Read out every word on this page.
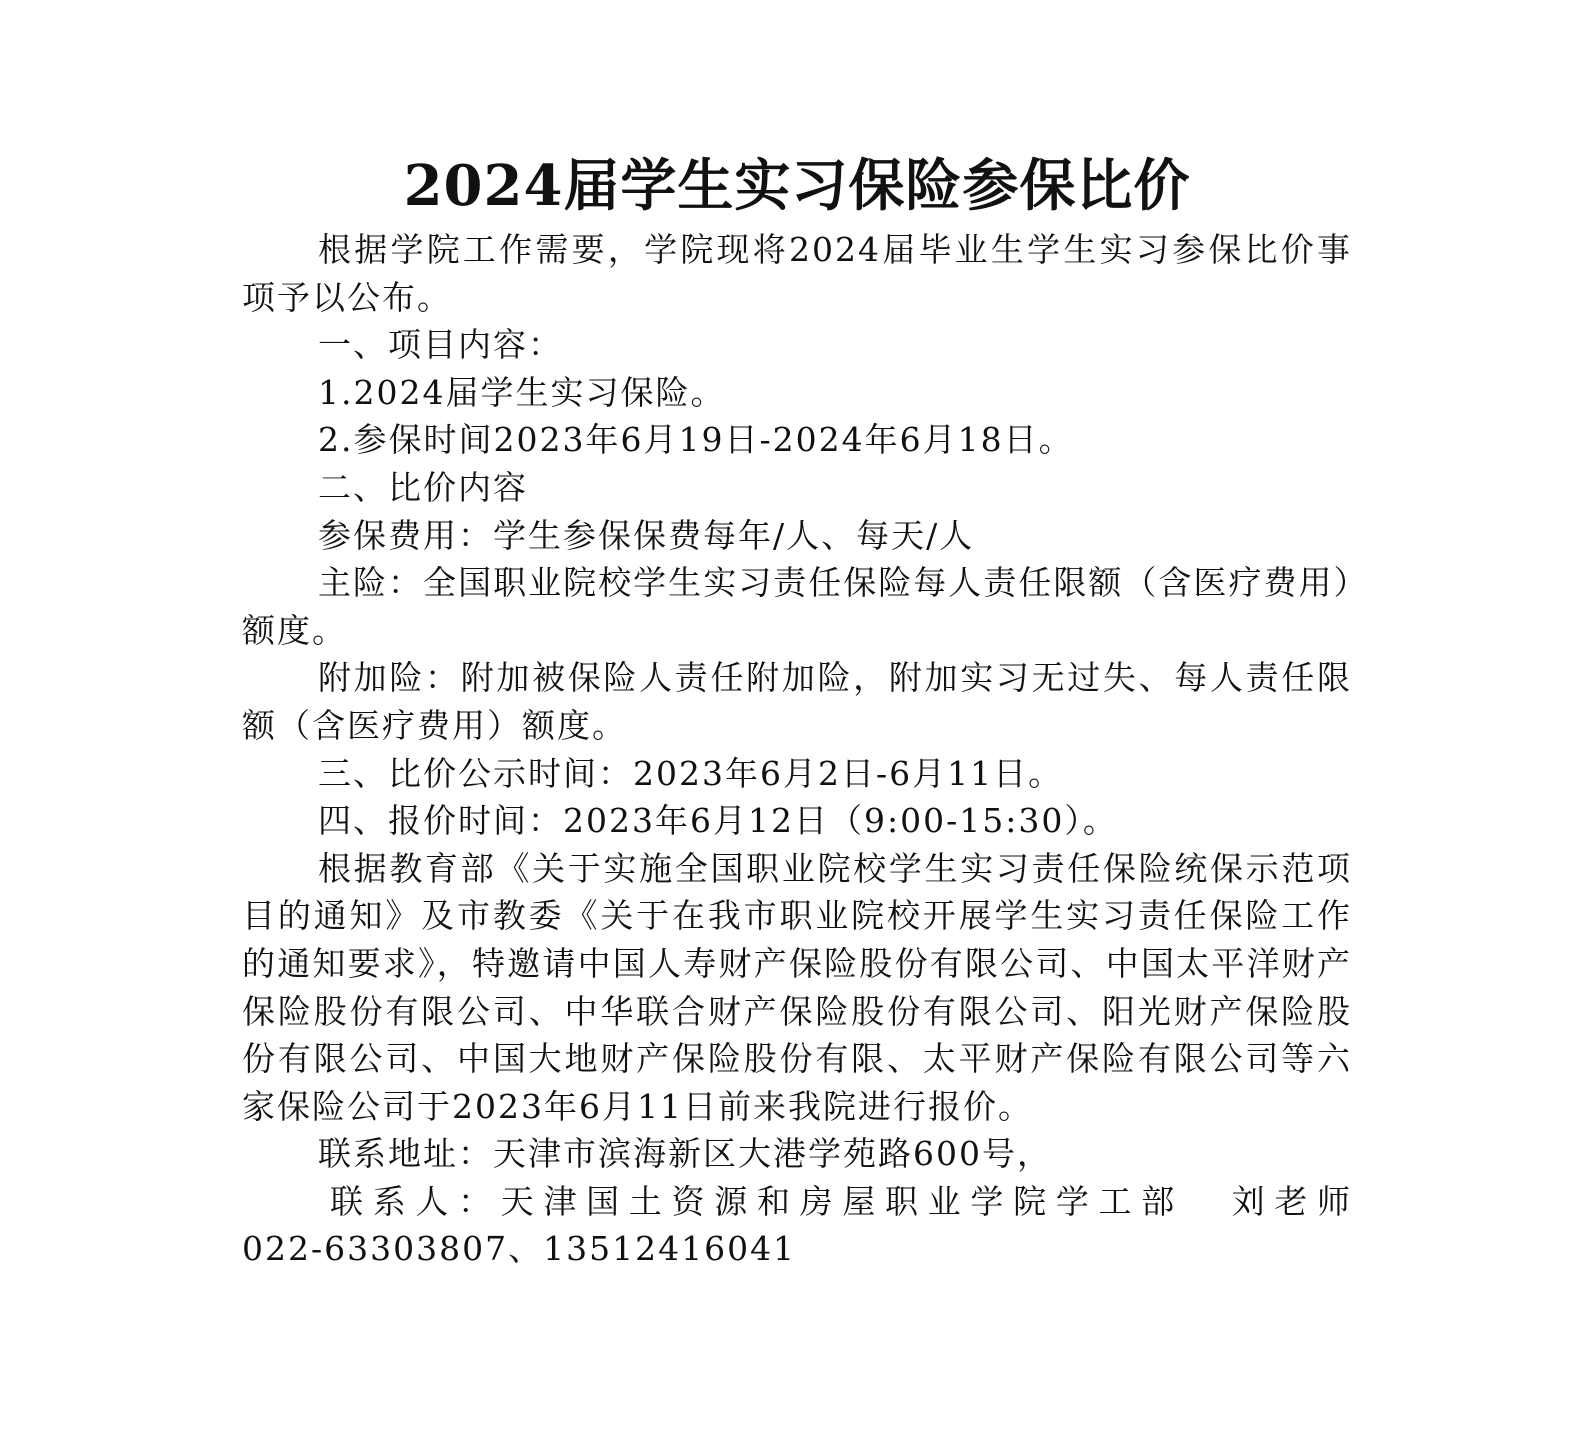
2024届学生实习保险参保比价

根据学院工作需要，学院现将2024届毕业生学生实习参保比价事项予以公布。

一、项目内容：

1.2024届学生实习保险。

2.参保时间2023年6月19日-2024年6月18日。

二、比价内容

参保费用：学生参保保费每年/人、每天/人

主险：全国职业院校学生实习责任保险每人责任限额（含医疗费用）额度。

附加险：附加被保险人责任附加险，附加实习无过失、每人责任限额（含医疗费用）额度。

三、比价公示时间：2023年6月2日-6月11日。

四、报价时间：2023年6月12日（9:00-15:30）。

根据教育部《关于实施全国职业院校学生实习责任保险统保示范项目的通知》及市教委《关于在我市职业院校开展学生实习责任保险工作的通知要求》，特邀请中国人寿财产保险股份有限公司、中国太平洋财产保险股份有限公司、中华联合财产保险股份有限公司、阳光财产保险股份有限公司、中国大地财产保险股份有限、太平财产保险有限公司等六家保险公司于2023年6月11日前来我院进行报价。

联系地址：天津市滨海新区大港学苑路600号，

联系人：天津国土资源和房屋职业学院学工部 刘老师

022-63303807、13512416041
